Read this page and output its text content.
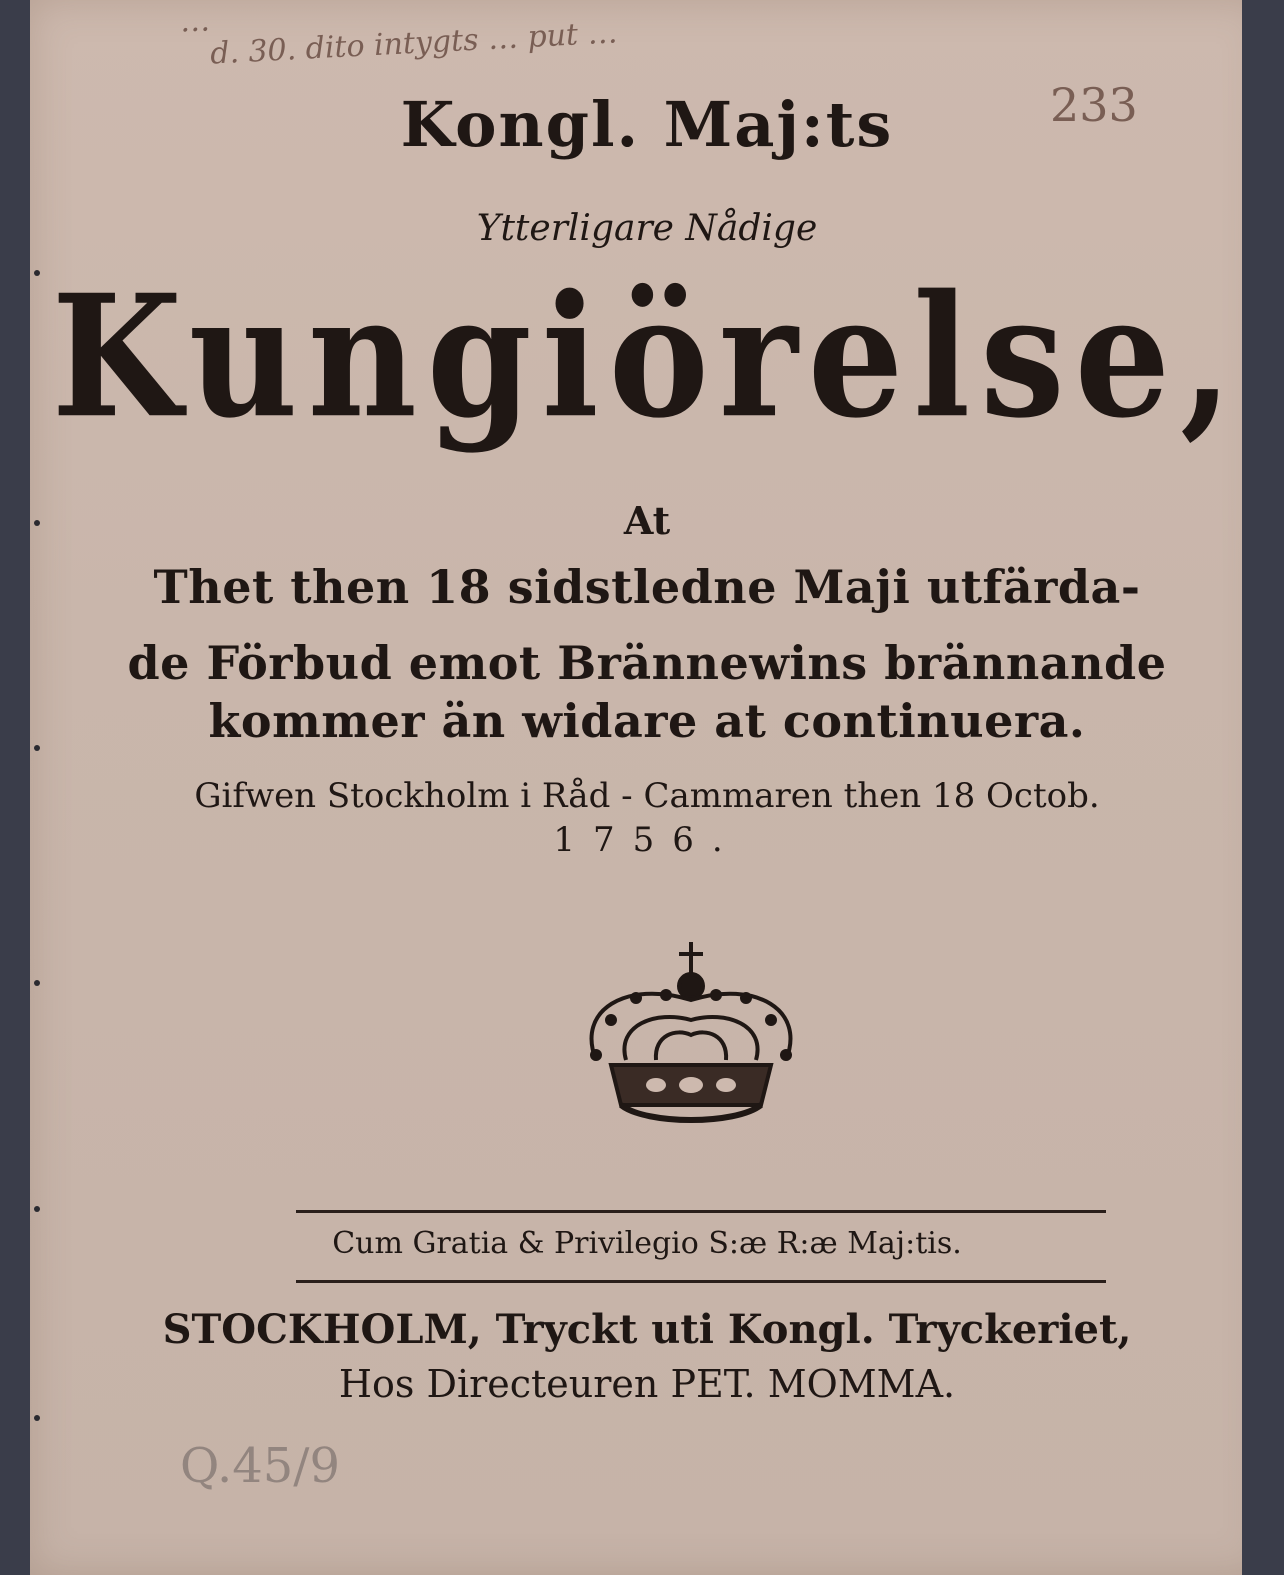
…
d. 30. dito intygts … put …
233
Kongl. Maj:ts
Ytterligare Nådige
Kungiörelse,
At
Thet then 18 sidstledne Maji utfärda-
de Förbud emot Brännewins brännande
kommer än widare at continuera.
Gifwen Stockholm i Råd - Cammaren then 18 Octob.
1756.
Cum Gratia & Privilegio S:æ R:æ Maj:tis.
STOCKHOLM, Tryckt uti Kongl. Tryckeriet,
Hos Directeuren PET. MOMMA.
Q.45/9
